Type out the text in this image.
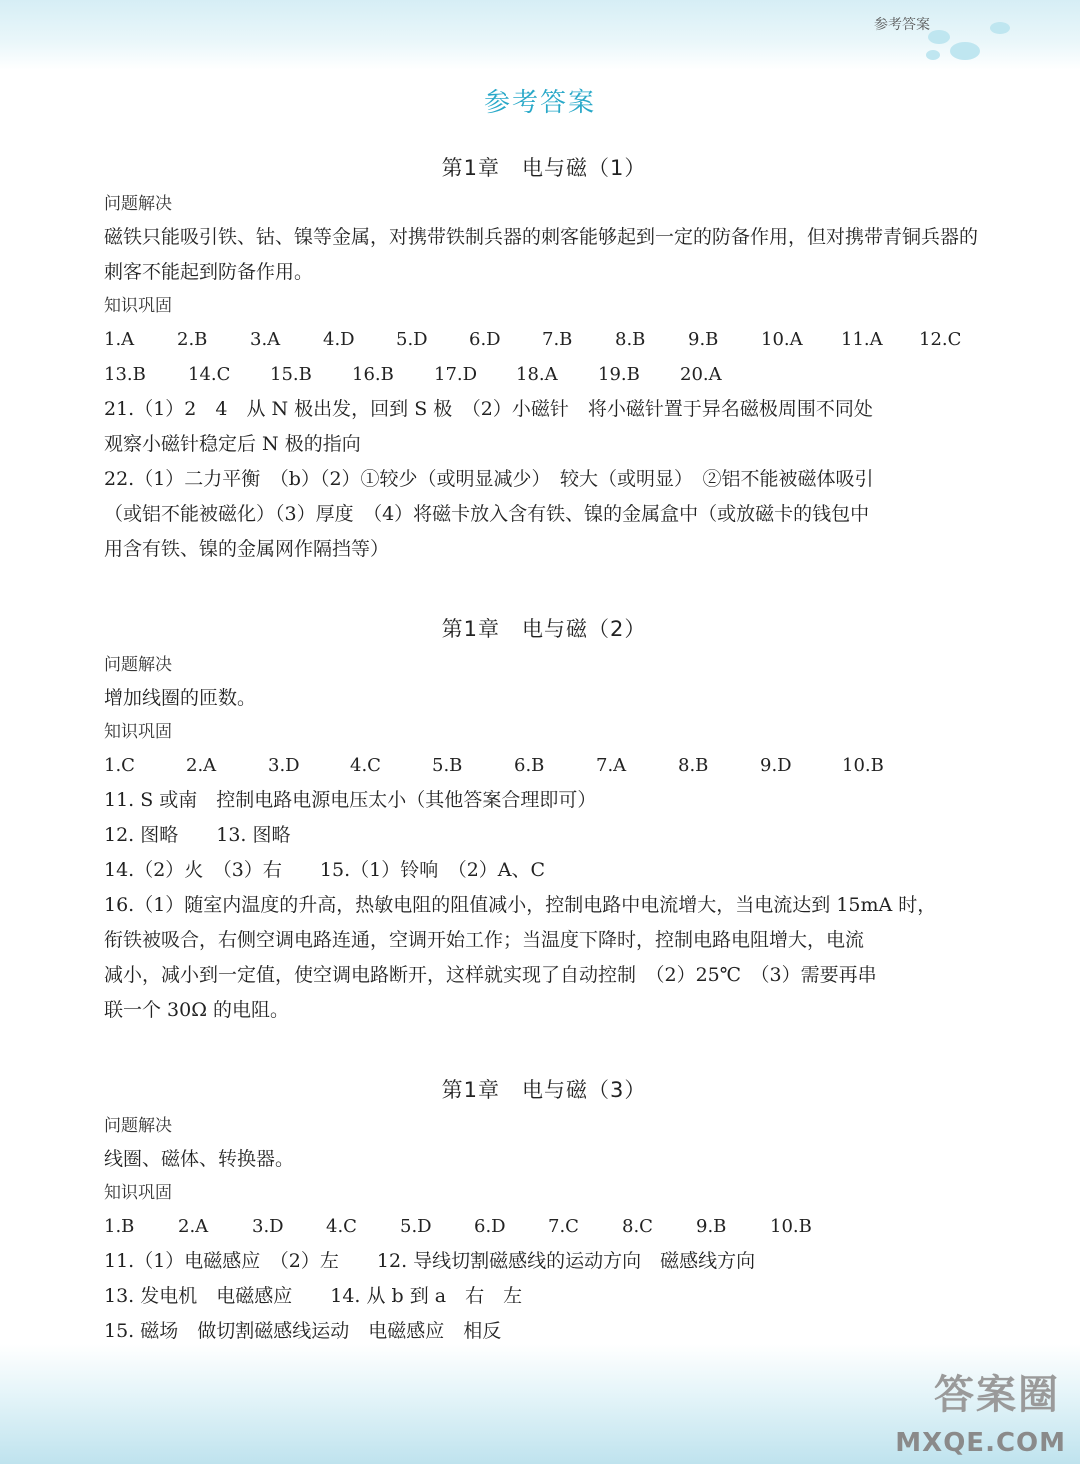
参考答案
参考答案
第1章　电与磁（1）
问题解决

磁铁只能吸引铁、钴、镍等金属，对携带铁制兵器的刺客能够起到一定的防备作用，但对携带青铜兵器的刺客不能起到防备作用。

知识巩固
1.A	2.B	3.A	4.D	5.D	6.D	7.B	8.B	9.B	10.A	11.A	12.C
13.B	14.C	15.B	16.B	17.D	18.A	19.B	20.A
21.（1）2　4　从 N 极出发，回到 S 极　（2）小磁针　将小磁针置于异名磁极周围不同处
观察小磁针稳定后 N 极的指向
22.（1）二力平衡　（b）（2）①较少（或明显减少）　较大（或明显）　②铝不能被磁体吸引
（或铝不能被磁化）（3）厚度　（4）将磁卡放入含有铁、镍的金属盒中（或放磁卡的钱包中
用含有铁、镍的金属网作隔挡等）
第1章　电与磁（2）
问题解决
增加线圈的匝数。
知识巩固
1.C	2.A	3.D	4.C	5.B	6.B	7.A	8.B	9.D	10.B
11. S 或南　控制电路电源电压太小（其他答案合理即可）
12. 图略　　13. 图略
14.（2）火　（3）右　　15.（1）铃响　（2）A、C
16.（1）随室内温度的升高，热敏电阻的阻值减小，控制电路中电流增大，当电流达到 15mA 时，
衔铁被吸合，右侧空调电路连通，空调开始工作；当温度下降时，控制电路电阻增大，电流
减小，减小到一定值，使空调电路断开，这样就实现了自动控制　（2）25℃　（3）需要再串
联一个 30Ω 的电阻。
第1章　电与磁（3）
问题解决
线圈、磁体、转换器。
知识巩固
1.B	2.A	3.D	4.C	5.D	6.D	7.C	8.C	9.B	10.B
11.（1）电磁感应　（2）左　　12. 导线切割磁感线的运动方向　磁感线方向
13. 发电机　电磁感应　　14. 从 b 到 a　右　左
15. 磁场　做切割磁感线运动　电磁感应　相反
答案圈
MXQE.COM
